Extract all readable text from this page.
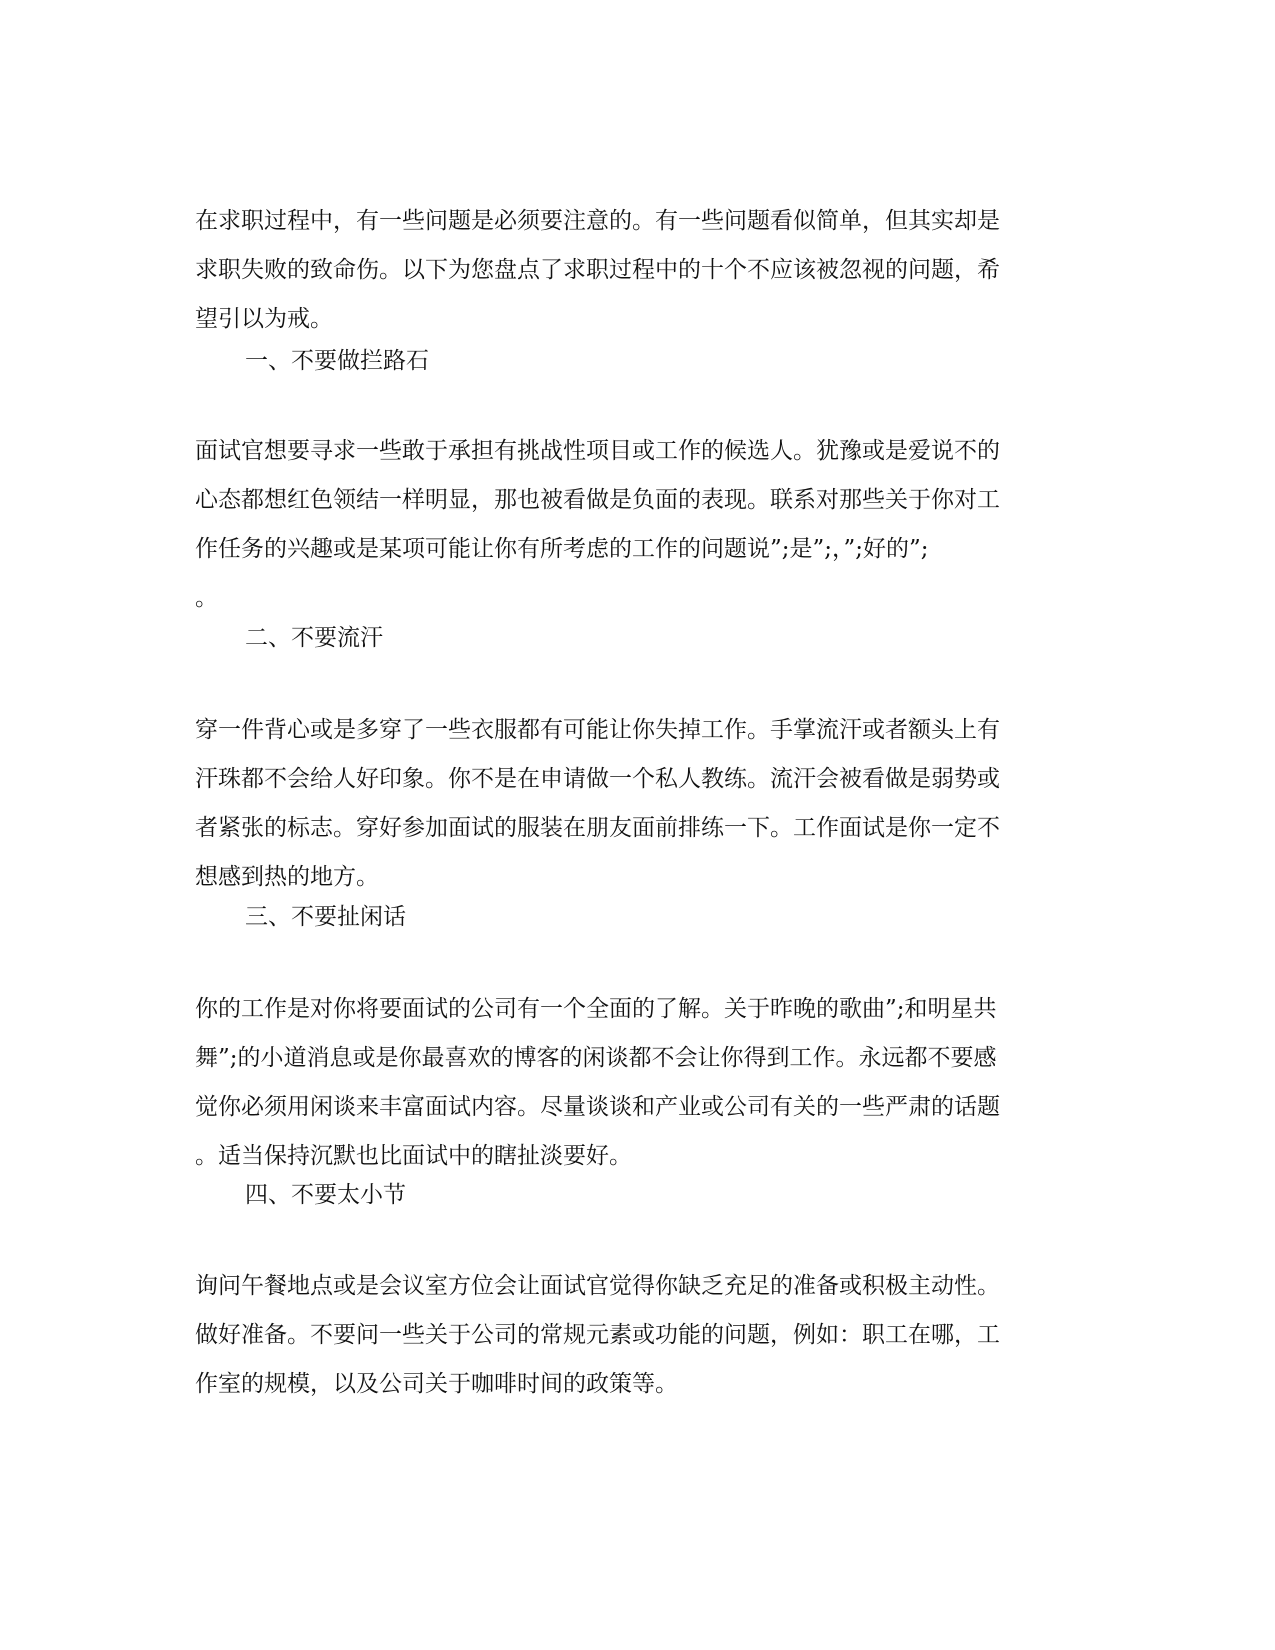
在求职过程中，有一些问题是必须要注意的。有一些问题看似简单，但其实却是
求职失败的致命伤。以下为您盘点了求职过程中的十个不应该被忽视的问题，希
望引以为戒。
一、不要做拦路石
面试官想要寻求一些敢于承担有挑战性项目或工作的候选人。犹豫或是爱说不的
心态都想红色领结一样明显，那也被看做是负面的表现。联系对那些关于你对工
作任务的兴趣或是某项可能让你有所考虑的工作的问题说”;是”;，”;好的”;
。
二、不要流汗
穿一件背心或是多穿了一些衣服都有可能让你失掉工作。手掌流汗或者额头上有
汗珠都不会给人好印象。你不是在申请做一个私人教练。流汗会被看做是弱势或
者紧张的标志。穿好参加面试的服装在朋友面前排练一下。工作面试是你一定不
想感到热的地方。
三、不要扯闲话
你的工作是对你将要面试的公司有一个全面的了解。关于昨晚的歌曲”;和明星共
舞”;的小道消息或是你最喜欢的博客的闲谈都不会让你得到工作。永远都不要感
觉你必须用闲谈来丰富面试内容。尽量谈谈和产业或公司有关的一些严肃的话题
。适当保持沉默也比面试中的瞎扯淡要好。
四、不要太小节
询问午餐地点或是会议室方位会让面试官觉得你缺乏充足的准备或积极主动性。
做好准备。不要问一些关于公司的常规元素或功能的问题，例如：职工在哪，工
作室的规模，以及公司关于咖啡时间的政策等。
